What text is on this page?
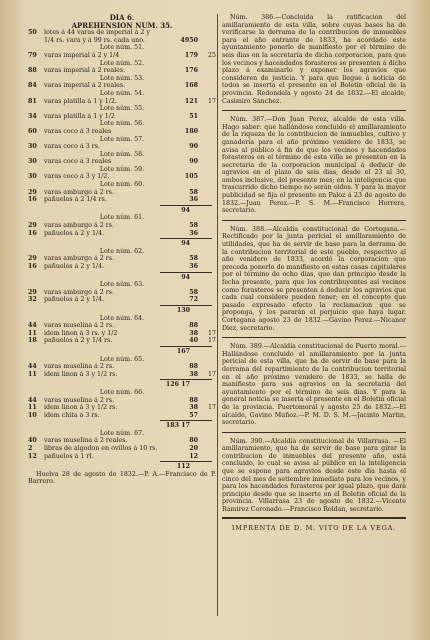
DIA 6.
APREHENSION NUM. 35.
50	lotes á 44 varas de imperial á 2 y
1/4 rs. vara y á 99 rs. cada uno.	4950
Lote núm. 51.
79	varas imperial á 2 y 1/4	179	25
Lote núm. 52.
88	varas imperial á 2 reales.	176
Lote núm. 53.
84	varas imperial á 2 reales.	168
Lote núm. 54.
81	varas platilla á 1 y 1/2.	121	17
Lote núm. 55.
34	varas platilla á 1 y 1/2	51
Lote núm. 56.
60	varas coco á 3 reales	180
Lote núm. 57.
30	varas coco á 3 rs.	90
Lote núm. 58.
30	varas coco á 3 reales	90
Lote núm. 59.
30	varas coco á 3 y 1/2.	105
Lote núm. 60.
29	varas amburgo á 2 rs.	58
16	pañuelos á 2 1/4 rs.	36
94
Lote núm. 61.
29	varas amburgo á 2 rs.	58
16	pañuelos á 2 y 1/4.	36
94
Lote núm. 62.
29	varas amburgo á 2 rs.	58
16	pañuelos á 2 y 1/4.	36
94
Lote núm. 63.
29	varas amburgo á 2 rs.	58
32	pañuelos á 2 y 1/4.	72
130
Lote núm. 64.
44	varas muselina á 2 rs.	88
11	idem linon á 3 rs. y 1/2	38	17
18	pañuelos á 2 y 1/4 rs.	40	17
167
Lote núm. 65.
44	varas muselina á 2 rs.	88
11	idem linon á 3 y 1/2 rs.	38	17
126 17
Lote núm. 66.
44	varas muselina á 2 rs.	88
11	idem linon á 3 y 1/2 rs.	38	17
10	idem chita á 3 rs.	57
183 17
Lote núm. 67.
40	varas muselina á 2 reales.	80
2	libras de algodon en ovillos á 10 rs.	20
12	pañuelos á 1 rl.	12
112
Huelva 28 de agosto de 1832.—P. A.—Francisco de P. Barrero.

Núm. 386.—Concluida la ratificacion del amillaramiento de esta villa, sobre cuyas bases ha de verificarse la derrama de la contribucion de inmuebles para el año entrante de 1833, ha acordado este ayuntamiento ponerlo de manifiesto por el término de seis dias en la secretaría de dicha corporacion, para que los vecinos y hacendados forasteros se presenten á dicho plazo á examinarlo y exponer los agravios que consideren de justicia. Y para que llegue á noticia de todos se inserta el presente en el Boletin oficial de la provincia. Redondela y agosto 24 de 1832.—El alcalde, Casimiro Sánchez.

Núm. 387.—Don Juan Perez, alcalde de esta villa. Hago saber: que hallándose concluido el amillaramiento de la riqueza de la contribucion de inmuebles, cultivo y ganadería para el año próximo venidero de 1833, se avisa al público á fin de que los vecinos y hacendados forasteros en el término de esta villa se presenten en la secretaría de la corporacion municipal á deducir de agravios en el plazo de seis dias, desde el 23 al 30, ambos inclusive, del presente mes; en la inteligencia que trascurrido dicho tiempo no serán oidos. Y para la mayor publicidad se fija el presente en Paloz á 23 de agosto de 1832.—Juan Perez.—P. S. M.—Francisco Herrera, secretario.

Núm. 388.—Alcaldía constitucional de Cortegana.—Rectificado por la junta pericial el amillaramiento de utilidades, que ha de servir de base para la derrama de la contribucion territorial de este pueblo, respectivo al año venidero de 1833, acordó la corporacion que preceda ponerlo de manifiesto en estas casas capitulares por el término de ocho dias, que dan principio desde la fecha presente, para que los contribuyentes así vecinos como forasteros se presenten á deducir los agravios que cada cual considere pueden tener; en el concepto que pasado expresado efecto la reclamacion que se proponga, y los pararán el perjuicio que haya lugar. Cortegana agosto 23 de 1832.—Gavino Perez.—Nicanor Diez, secretario.

Núm. 389.—Alcaldía constitucional de Puerto moral.—Hallándose concluido el amillaramiento por la junta pericial de esta villa, que ha de servir de base para la derrama del repartimiento de la contribucion territorial en el año próximo venidero de 1833, se halla de manifiesto para sus agravios en la secretaría del ayuntamiento por el término de seis dias. Y para la general noticia se inserta el presente en el Boletin oficial de la provincia. Puertomoral y agosto 25 de 1832.—El alcalde, Gavino Muñoz.—P. M. D. S. M.—Jacinto Martin, secretario.

Núm. 390.—Alcaldía constitucional de Villarrasa. —El amillaramiento, que ha de servir de base para girar la contribucion de inmuebles del presente año, está concluido, lo cual se avisa al público en la inteligencia que se espone para agravios desde este dia hasta el cinco del mes de setiembre inmediato para los vecinos, y para los hacendados forasteros por igual plazo, que dará principio desde que se inserte en el Boletin oficial de la provincia. Villarrasa 23 de agosto de 1832.—Vicente Ramirez Coronado.—Francisco Roldan, secretario.

IMPRENTA DE D. M. VITO DE LA VEGA.
